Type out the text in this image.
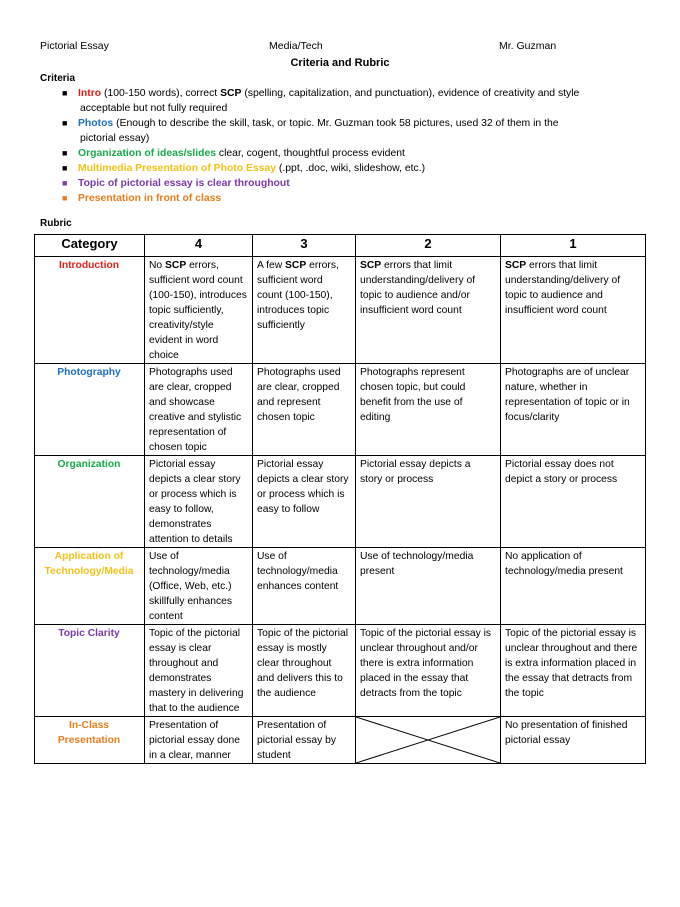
Pictorial Essay	Media/Tech	Mr. Guzman
Criteria and Rubric
Criteria
■ Intro (100-150 words), correct SCP (spelling, capitalization, and punctuation), evidence of creativity and style
acceptable but not fully required
■ Photos (Enough to describe the skill, task, or topic. Mr. Guzman took 58 pictures, used 32 of them in the
pictorial essay)
■ Organization of ideas/slides clear, cogent, thoughtful process evident
■ Multimedia Presentation of Photo Essay (.ppt, .doc, wiki, slideshow, etc.)
■ Topic of pictorial essay is clear throughout
■ Presentation in front of class
Rubric
Category	4	3	2	1
Introduction	No SCP errors, sufficient word count (100-150), introduces topic sufficiently, creativity/style evident in word choice	A few SCP errors, sufficient word count (100-150), introduces topic sufficiently	SCP errors that limit understanding/delivery of topic to audience and/or insufficient word count	SCP errors that limit understanding/delivery of topic to audience and insufficient word count
Photography	Photographs used are clear, cropped and showcase creative and stylistic representation of chosen topic	Photographs used are clear, cropped and represent chosen topic	Photographs represent chosen topic, but could benefit from the use of editing	Photographs are of unclear nature, whether in representation of topic or in focus/clarity
Organization	Pictorial essay depicts a clear story or process which is easy to follow, demonstrates attention to details	Pictorial essay depicts a clear story or process which is easy to follow	Pictorial essay depicts a story or process	Pictorial essay does not depict a story or process
Application of Technology/Media	Use of technology/media (Office, Web, etc.) skillfully enhances content	Use of technology/media enhances content	Use of technology/media present	No application of technology/media present
Topic Clarity	Topic of the pictorial essay is clear throughout and demonstrates mastery in delivering that to the audience	Topic of the pictorial essay is mostly clear throughout and delivers this to the audience	Topic of the pictorial essay is unclear throughout and/or there is extra information placed in the essay that detracts from the topic	Topic of the pictorial essay is unclear throughout and there is extra information placed in the essay that detracts from the topic
In-Class Presentation	Presentation of pictorial essay done in a clear, manner	Presentation of pictorial essay by student		No presentation of finished pictorial essay
